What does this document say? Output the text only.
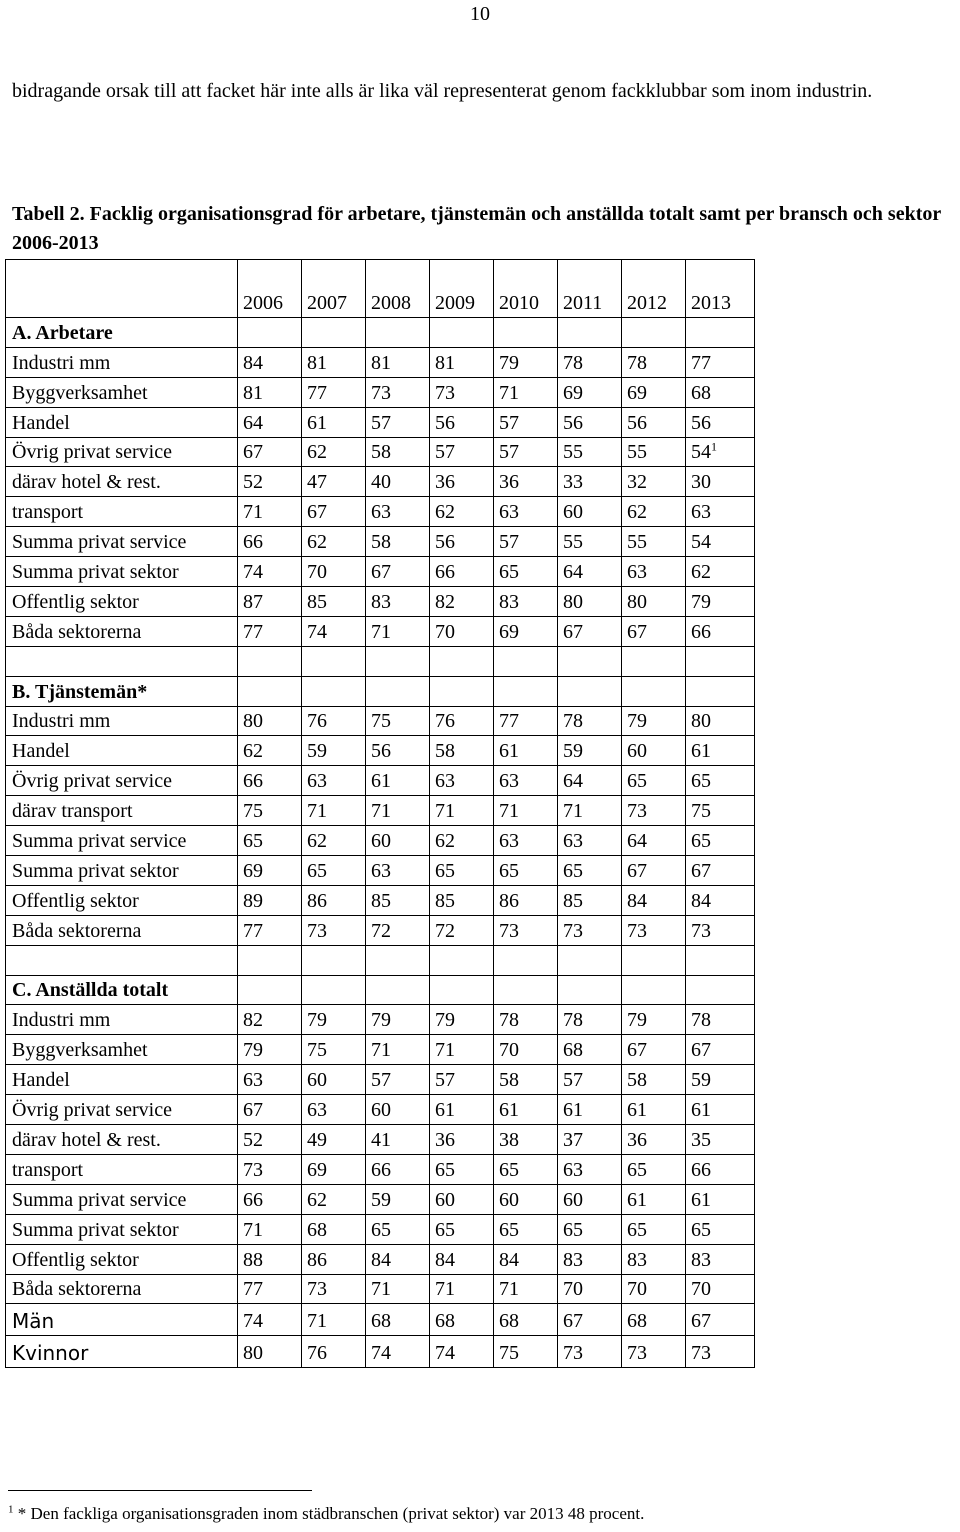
10

bidragande orsak till att facket här inte alls är lika väl representerat genom fackklubbar som inom industrin.

Tabell 2. Facklig organisationsgrad för arbetare, tjänstemän och anställda totalt samt per bransch och sektor 2006-2013

	2006	2007	2008	2009	2010	2011	2012	2013
A. Arbetare								
Industri mm	84	81	81	81	79	78	78	77
Byggverksamhet	81	77	73	73	71	69	69	68
Handel	64	61	57	56	57	56	56	56
Övrig privat service	67	62	58	57	57	55	55	$54^1$
därav hotel & rest.	52	47	40	36	36	33	32	30
transport	71	67	63	62	63	60	62	63
Summa privat service	66	62	58	56	57	55	55	54
Summa privat sektor	74	70	67	66	65	64	63	62
Offentlig sektor	87	85	83	82	83	80	80	79
Båda sektorerna	77	74	71	70	69	67	67	66

B. Tjänstemän*								
Industri mm	80	76	75	76	77	78	79	80
Handel	62	59	56	58	61	59	60	61
Övrig privat service	66	63	61	63	63	64	65	65
därav transport	75	71	71	71	71	71	73	75
Summa privat service	65	62	60	62	63	63	64	65
Summa privat sektor	69	65	63	65	65	65	67	67
Offentlig sektor	89	86	85	85	86	85	84	84
Båda sektorerna	77	73	72	72	73	73	73	73

C. Anställda totalt								
Industri mm	82	79	79	79	78	78	79	78
Byggverksamhet	79	75	71	71	70	68	67	67
Handel	63	60	57	57	58	57	58	59
Övrig privat service	67	63	60	61	61	61	61	61
därav hotel & rest.	52	49	41	36	38	37	36	35
transport	73	69	66	65	65	63	65	66
Summa privat service	66	62	59	60	60	60	61	61
Summa privat sektor	71	68	65	65	65	65	65	65
Offentlig sektor	88	86	84	84	84	83	83	83
Båda sektorerna	77	73	71	71	71	70	70	70
Män	74	71	68	68	68	67	68	67
Kvinnor	80	76	74	74	75	73	73	73

$^1$ * Den fackliga organisationsgraden inom städbranschen (privat sektor) var 2013 48 procent.
